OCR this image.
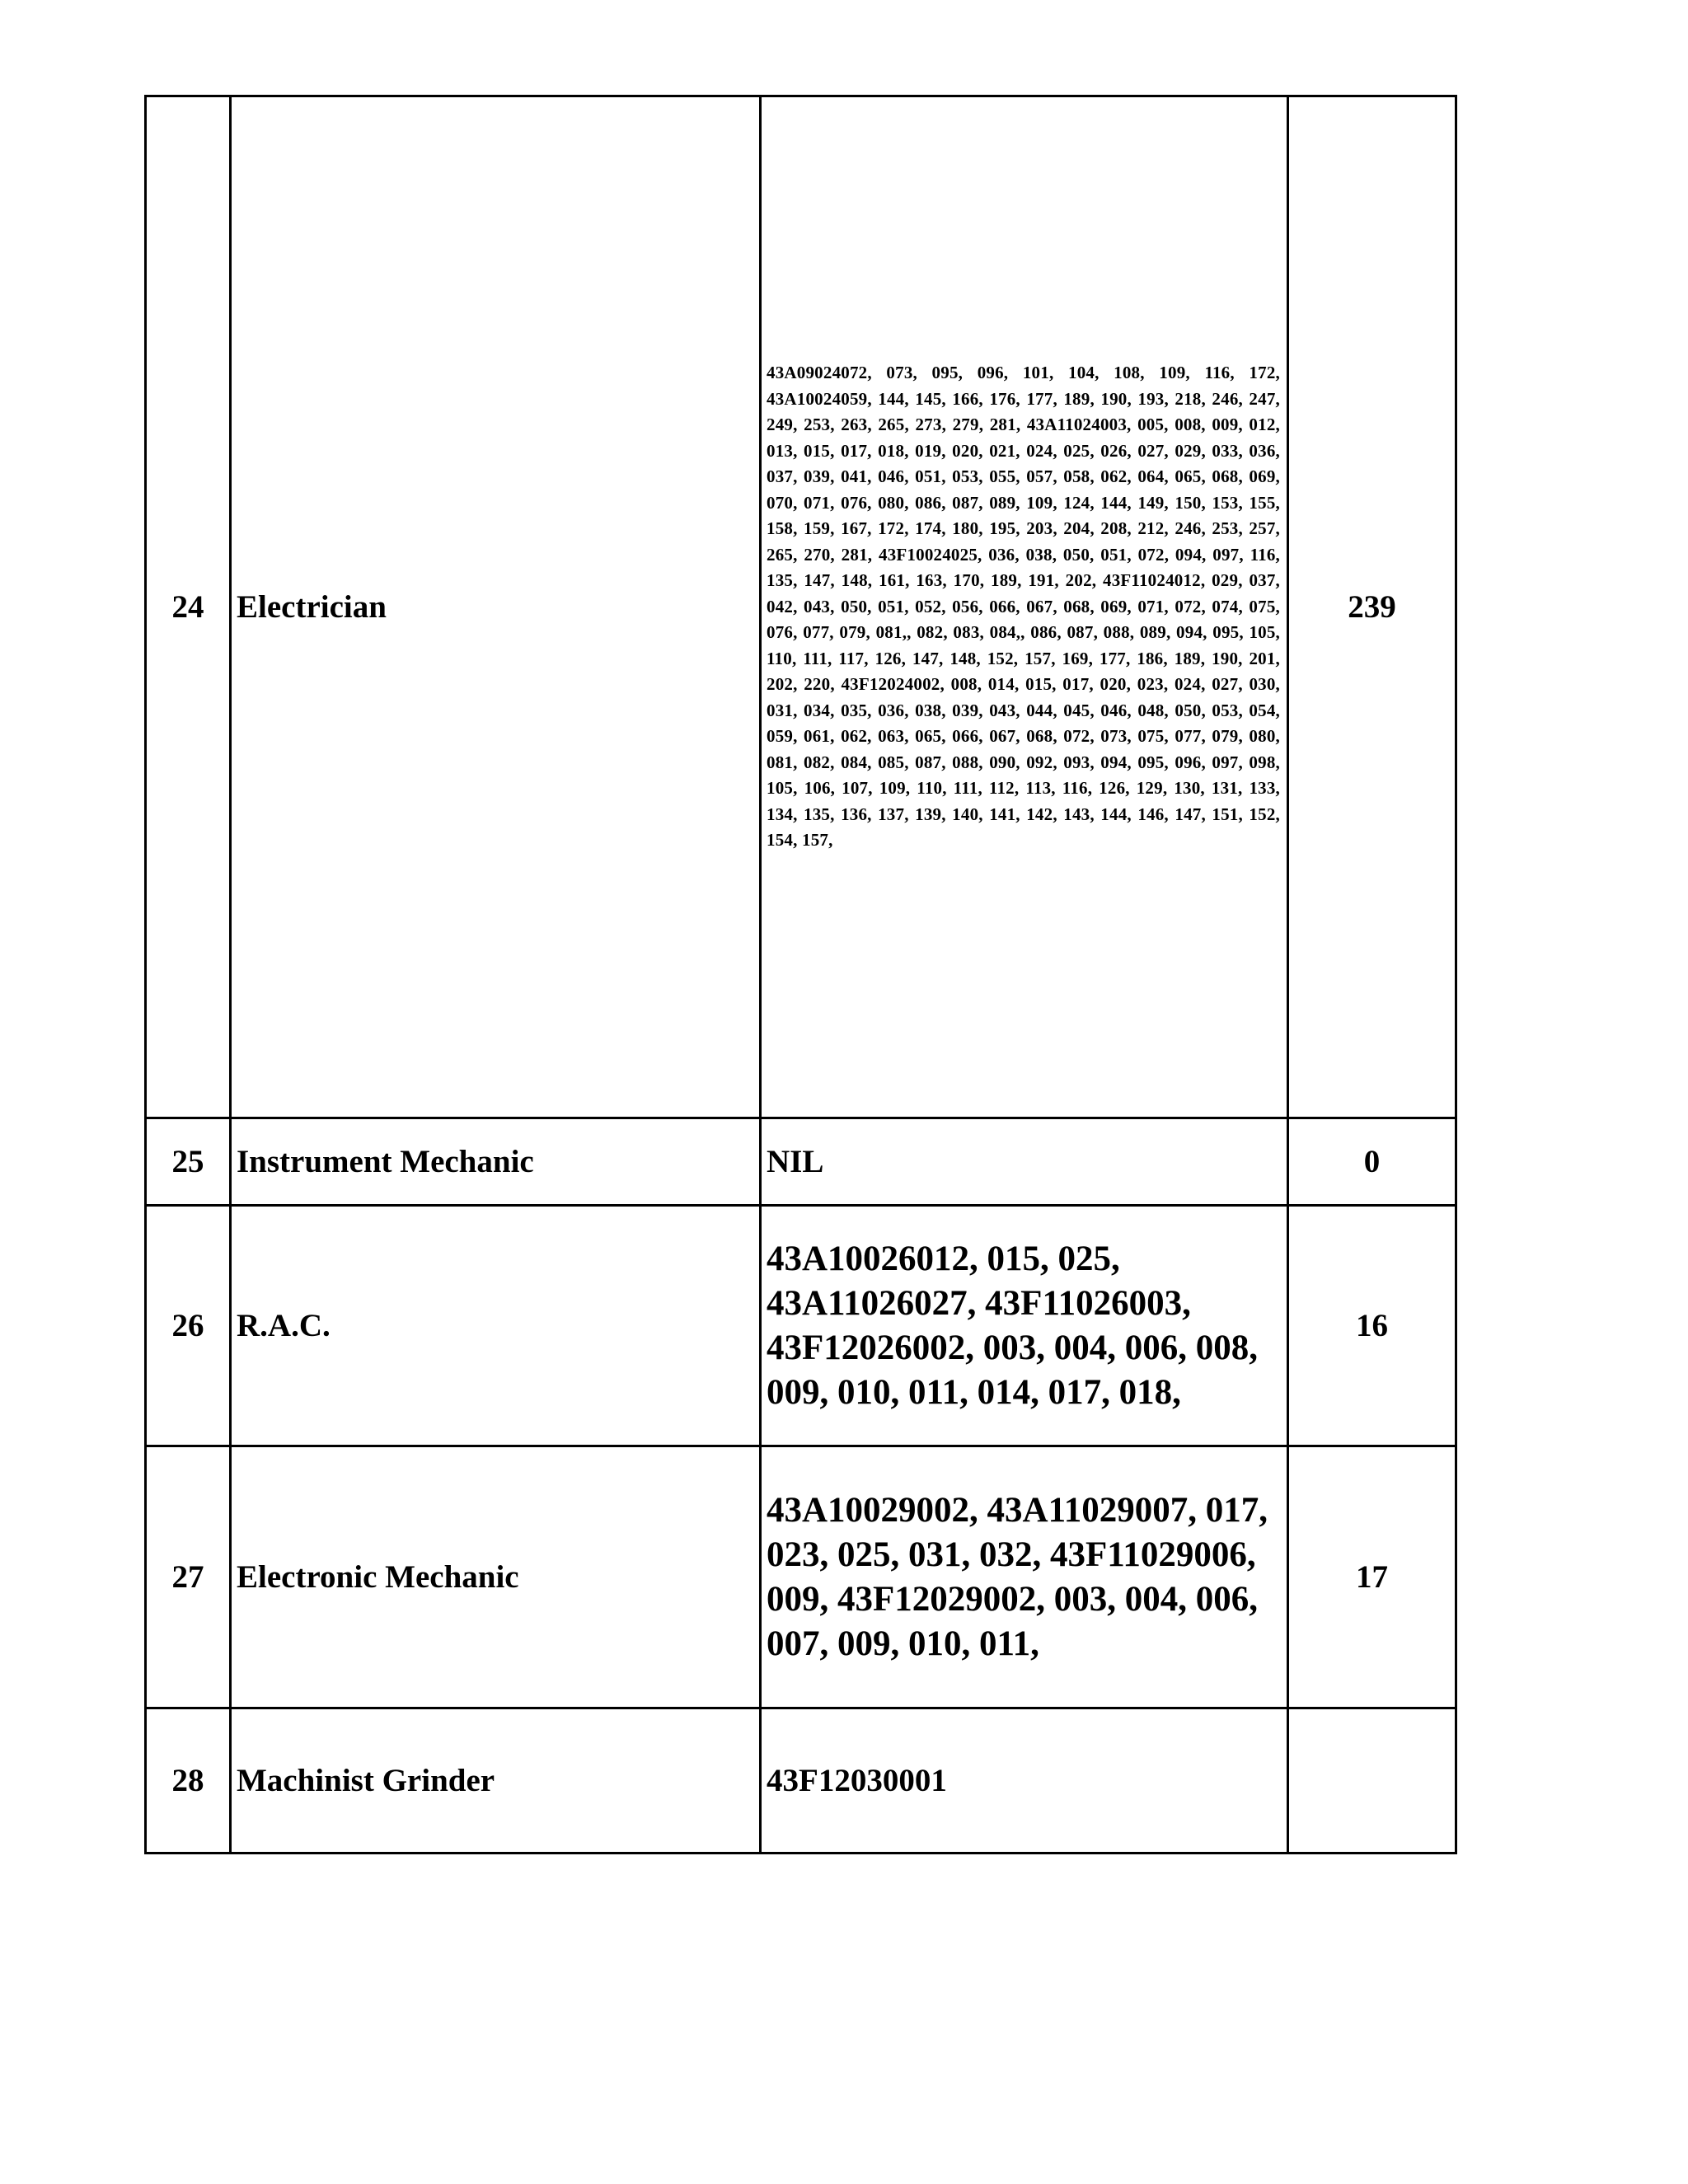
24	Electrician	43A09024072, 073, 095, 096, 101, 104, 108, 109, 116, 172, 43A10024059, 144, 145, 166, 176, 177, 189, 190, 193, 218, 246, 247, 249, 253, 263, 265, 273, 279, 281, 43A11024003, 005, 008, 009, 012, 013, 015, 017, 018, 019, 020, 021, 024, 025, 026, 027, 029, 033, 036, 037, 039, 041, 046, 051, 053, 055, 057, 058, 062, 064, 065, 068, 069, 070, 071, 076, 080, 086, 087, 089, 109, 124, 144, 149, 150, 153, 155, 158, 159, 167, 172, 174, 180, 195, 203, 204, 208, 212, 246, 253, 257, 265, 270, 281, 43F10024025, 036, 038, 050, 051, 072, 094, 097, 116, 135, 147, 148, 161, 163, 170, 189, 191, 202, 43F11024012, 029, 037, 042, 043, 050, 051, 052, 056, 066, 067, 068, 069, 071, 072, 074, 075, 076, 077, 079, 081,, 082, 083, 084,, 086, 087, 088, 089, 094, 095, 105, 110, 111, 117, 126, 147, 148, 152, 157, 169, 177, 186, 189, 190, 201, 202, 220, 43F12024002, 008, 014, 015, 017, 020, 023, 024, 027, 030, 031, 034, 035, 036, 038, 039, 043, 044, 045, 046, 048, 050, 053, 054, 059, 061, 062, 063, 065, 066, 067, 068, 072, 073, 075, 077, 079, 080, 081, 082, 084, 085, 087, 088, 090, 092, 093, 094, 095, 096, 097, 098, 105, 106, 107, 109, 110, 111, 112, 113, 116, 126, 129, 130, 131, 133, 134, 135, 136, 137, 139, 140, 141, 142, 143, 144, 146, 147, 151, 152, 154, 157,	239
25	Instrument Mechanic	NIL	0
26	R.A.C.	43A10026012, 015, 025, 43A11026027, 43F11026003, 43F12026002, 003, 004, 006, 008, 009, 010, 011, 014, 017, 018,	16
27	Electronic Mechanic	43A10029002, 43A11029007, 017, 023, 025, 031, 032, 43F11029006, 009, 43F12029002, 003, 004, 006, 007, 009, 010, 011,	17
28	Machinist Grinder	43F12030001	
